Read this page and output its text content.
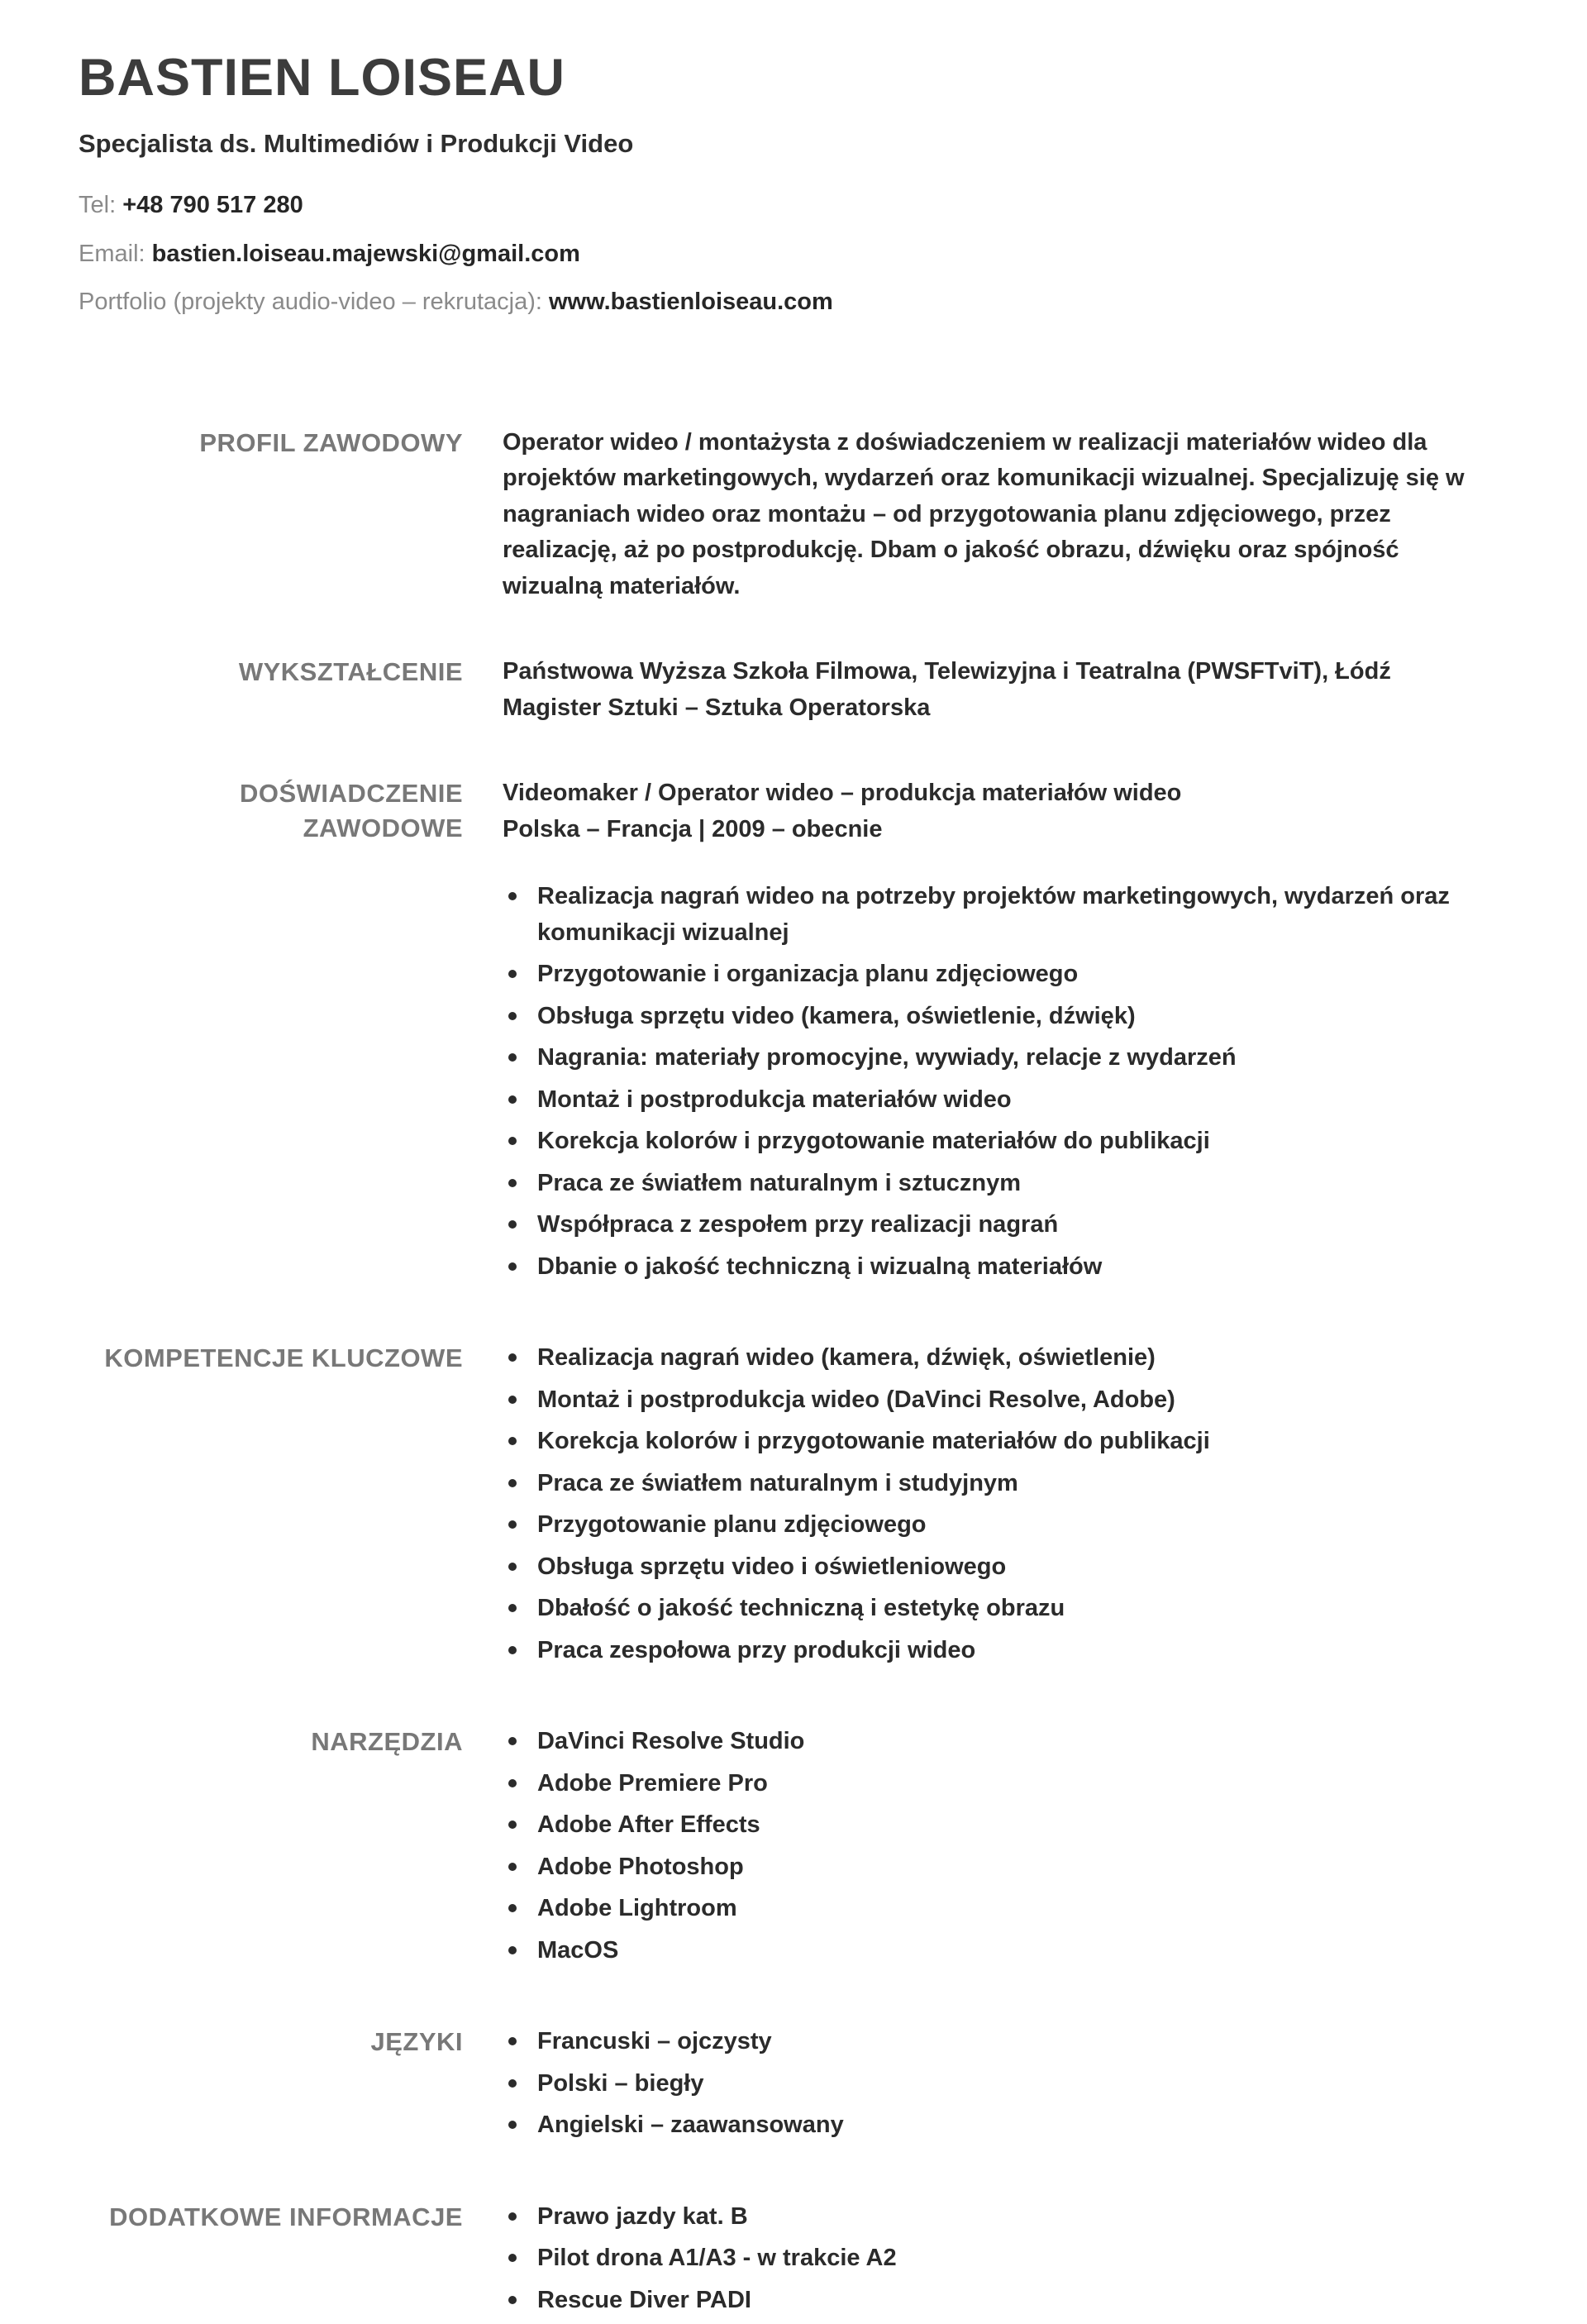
BASTIEN LOISEAU
Specjalista ds. Multimediów i Produkcji Video

Tel: +48 790 517 280

Email: bastien.loiseau.majewski@gmail.com

Portfolio (projekty audio-video – rekrutacja): www.bastienloiseau.com

PROFIL ZAWODOWY Operator wideo / montażysta z doświadczeniem w realizacji materiałów wideo dla projektów marketingowych, wydarzeń oraz komunikacji wizualnej. Specjalizuję się w nagraniach wideo oraz montażu – od przygotowania planu zdjęciowego, przez realizację, aż po postprodukcję. Dbam o jakość obrazu, dźwięku oraz spójność wizualną materiałów.

WYKSZTAŁCENIE Państwowa Wyższa Szkoła Filmowa, Telewizyjna i Teatralna (PWSFTviT), Łódź
Magister Sztuki – Sztuka Operatorska
DOŚWIADCZENIE ZAWODOWE
Videomaker / Operator wideo – produkcja materiałów wideo
Polska – Francja | 2009 – obecnie
Realizacja nagrań wideo na potrzeby projektów marketingowych, wydarzeń oraz komunikacji wizualnej
Przygotowanie i organizacja planu zdjęciowego
Obsługa sprzętu video (kamera, oświetlenie, dźwięk)
Nagrania: materiały promocyjne, wywiady, relacje z wydarzeń
Montaż i postprodukcja materiałów wideo
Korekcja kolorów i przygotowanie materiałów do publikacji
Praca ze światłem naturalnym i sztucznym
Współpraca z zespołem przy realizacji nagrań
Dbanie o jakość techniczną i wizualną materiałów
KOMPETENCJE KLUCZOWE	Realizacja nagrań wideo (kamera, dźwięk, oświetlenie)
Montaż i postprodukcja wideo (DaVinci Resolve, Adobe)
Korekcja kolorów i przygotowanie materiałów do publikacji
Praca ze światłem naturalnym i studyjnym
Przygotowanie planu zdjęciowego
Obsługa sprzętu video i oświetleniowego
Dbałość o jakość techniczną i estetykę obrazu
Praca zespołowa przy produkcji wideo
NARZĘDZIA	DaVinci Resolve Studio
Adobe Premiere Pro
Adobe After Effects
Adobe Photoshop
Adobe Lightroom
MacOS
JĘZYKI	Francuski – ojczysty
Polski – biegły
Angielski – zaawansowany
DODATKOWE INFORMACJE	Prawo jazdy kat. B
Pilot drona A1/A3 - w trakcie A2
Rescue Diver PADI
